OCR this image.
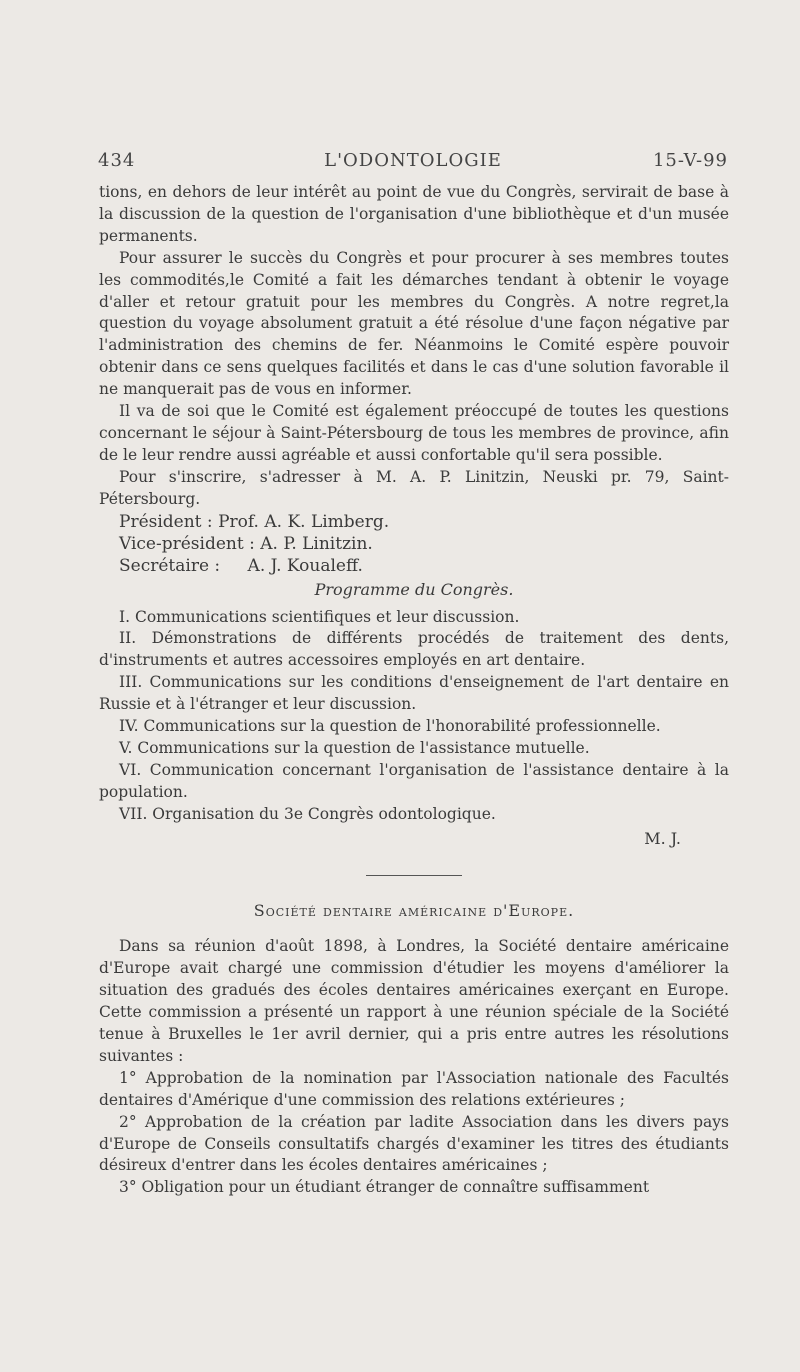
434	L'ODONTOLOGIE	15-V-99

tions, en dehors de leur intérêt au point de vue du Congrès, servirait de base à la discussion de la question de l'organisation d'une bibliothèque et d'un musée permanents.

Pour assurer le succès du Congrès et pour procurer à ses membres toutes les commodités,le Comité a fait les démarches tendant à obtenir le voyage d'aller et retour gratuit pour les membres du Congrès. A notre regret,la question du voyage absolument gratuit a été résolue d'une façon négative par l'administration des chemins de fer. Néanmoins le Comité espère pouvoir obtenir dans ce sens quelques facilités et dans le cas d'une solution favorable il ne manquerait pas de vous en informer.

Il va de soi que le Comité est également préoccupé de toutes les questions concernant le séjour à Saint-Pétersbourg de tous les membres de province, afin de le leur rendre aussi agréable et aussi confortable qu'il sera possible.

Pour s'inscrire, s'adresser à M. A. P. Linitzin, Neuski pr. 79, Saint-Pétersbourg.

Président : Prof. A. K. Limberg.

Vice-président : A. P. Linitzin.

Secrétaire : A. J. Koualeff.

Programme du Congrès.

I. Communications scientifiques et leur discussion.

II. Démonstrations de différents procédés de traitement des dents, d'instruments et autres accessoires employés en art dentaire.

III. Communications sur les conditions d'enseignement de l'art dentaire en Russie et à l'étranger et leur discussion.

IV. Communications sur la question de l'honorabilité professionnelle.

V. Communications sur la question de l'assistance mutuelle.

VI. Communication concernant l'organisation de l'assistance dentaire à la population.

VII. Organisation du 3e Congrès odontologique.

M. J.

Société dentaire américaine d'Europe.

Dans sa réunion d'août 1898, à Londres, la Société dentaire américaine d'Europe avait chargé une commission d'étudier les moyens d'améliorer la situation des gradués des écoles dentaires américaines exerçant en Europe. Cette commission a présenté un rapport à une réunion spéciale de la Société tenue à Bruxelles le 1er avril dernier, qui a pris entre autres les résolutions suivantes :

1° Approbation de la nomination par l'Association nationale des Facultés dentaires d'Amérique d'une commission des relations extérieures ;

2° Approbation de la création par ladite Association dans les divers pays d'Europe de Conseils consultatifs chargés d'examiner les titres des étudiants désireux d'entrer dans les écoles dentaires américaines ;

3° Obligation pour un étudiant étranger de connaître suffisamment
